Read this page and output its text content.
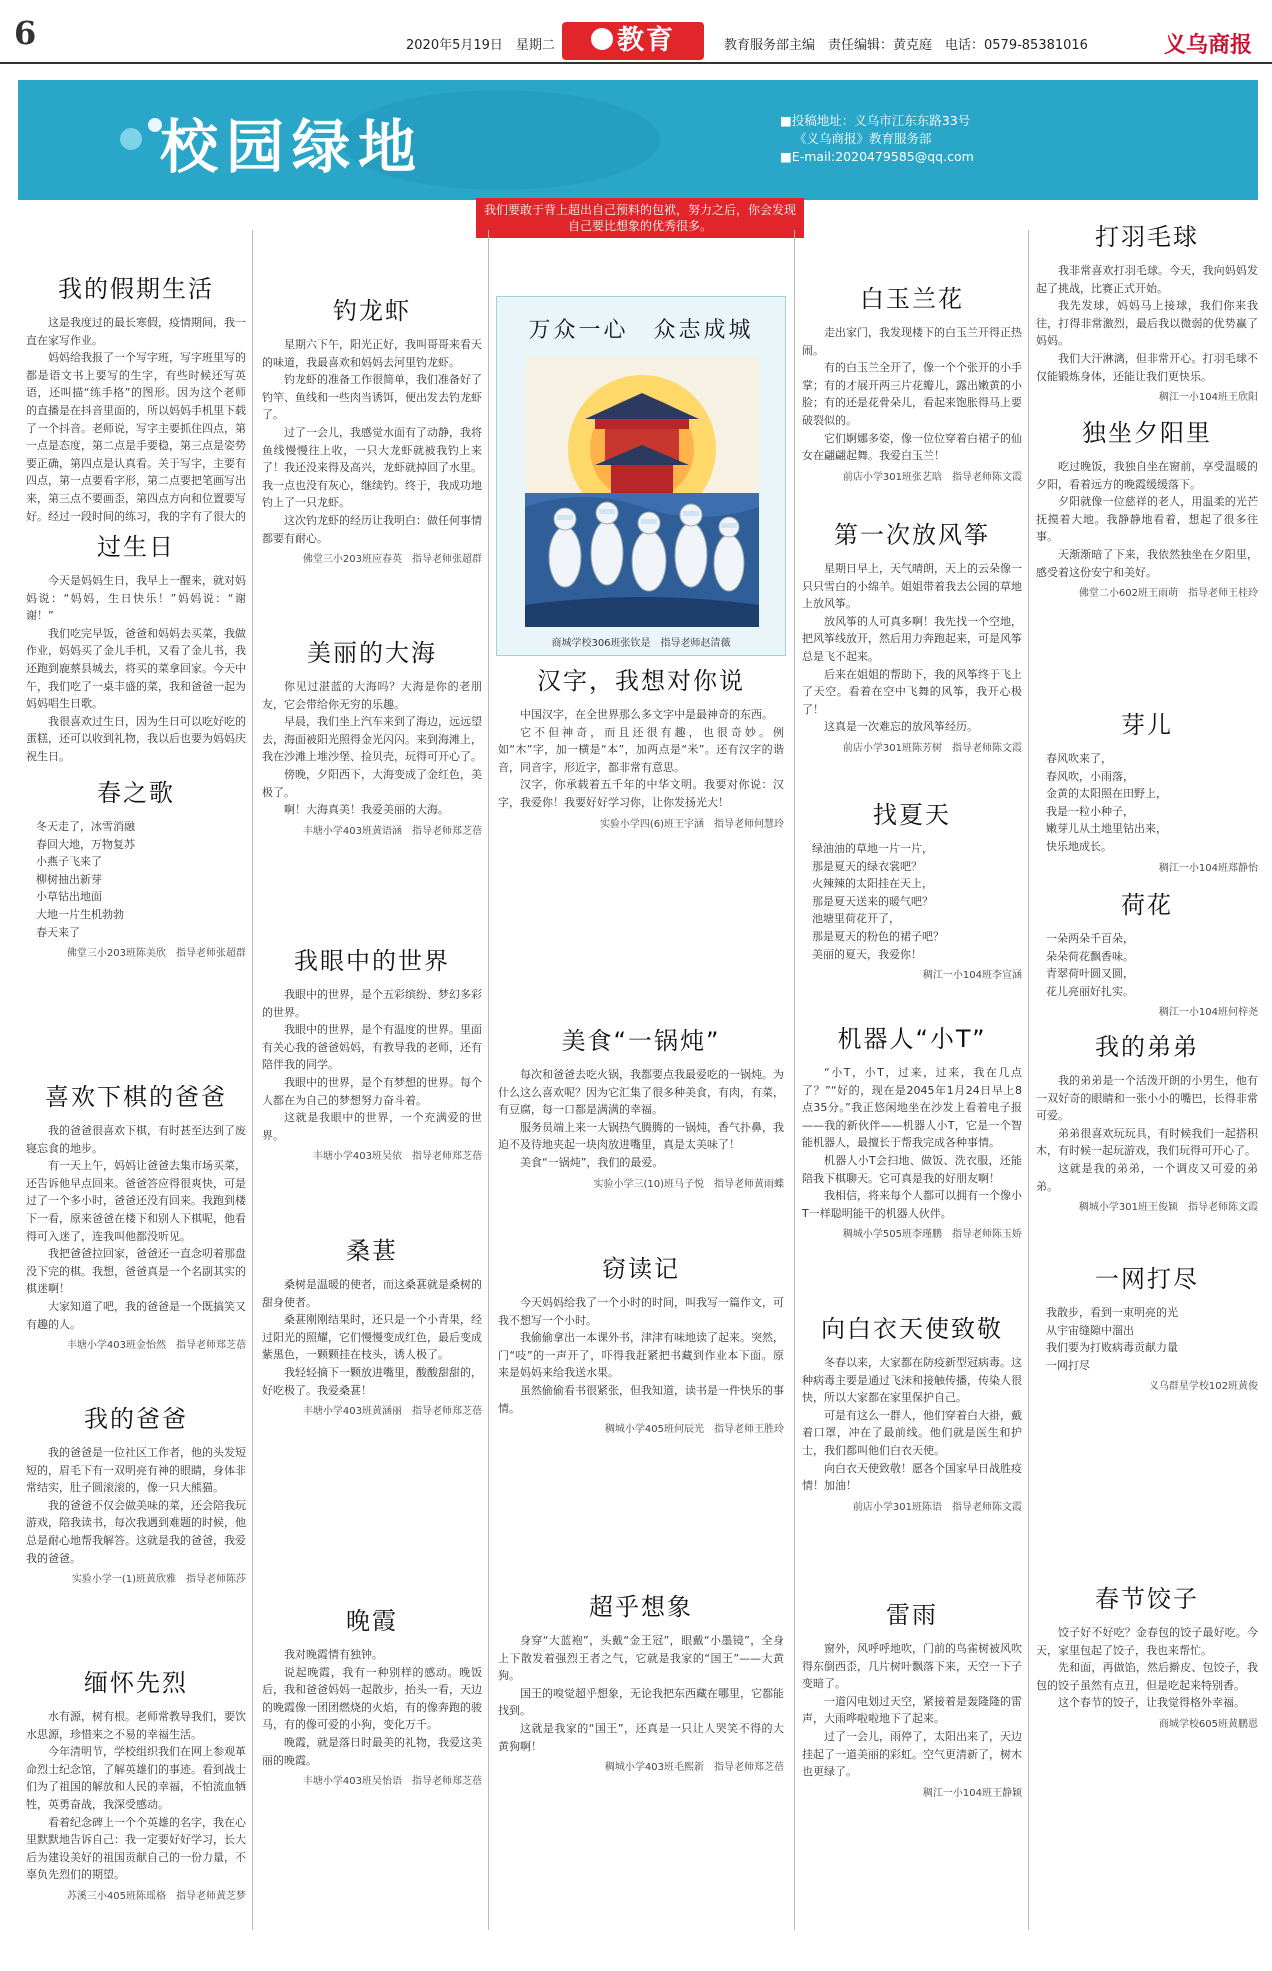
6	2020年5月19日　星期二	教育	教育服务部主编　责任编辑：黄克庭　电话：0579-85381016	义乌商报
校园绿地	■投稿地址：义乌市江东东路33号
《义乌商报》教育服务部
■E-mail:2020479585@qq.com
我们要敢于背上超出自己预料的包袱，努力之后，你会发现自己要比想象的优秀很多。
我的假期生活

这是我度过的最长寒假，疫情期间，我一直在家写作业。

妈妈给我报了一个写字班，写字班里写的都是语文书上要写的生字，有些时候还写英语，还叫描“练手格”的图形。因为这个老师的直播是在抖音里面的，所以妈妈手机里下载了一个抖音。老师说，写字主要抓住四点，第一点是态度，第二点是手要稳，第三点是姿势要正确，第四点是认真看。关于写字，主要有四点，第一点要看字形，第二点要把笔画写出来，第三点不要画歪，第四点方向和位置要写好。经过一段时间的练习，我的字有了很大的

过生日

今天是妈妈生日，我早上一醒来，就对妈妈说：“妈妈，生日快乐！”妈妈说：“谢谢！”

我们吃完早饭，爸爸和妈妈去买菜，我做作业，妈妈买了金儿手机，又看了金儿书，我还跑到鹿蔡县城去，将买的菜拿回家。今天中午，我们吃了一桌丰盛的菜，我和爸爸一起为妈妈唱生日歌。

我很喜欢过生日，因为生日可以吃好吃的蛋糕，还可以收到礼物，我以后也要为妈妈庆祝生日。

春之歌

冬天走了，冰雪消融

春回大地，万物复苏

小燕子飞来了

柳树抽出新芽

小草钻出地面

大地一片生机勃勃

春天来了

佛堂三小203班陈美欣　指导老师张超群

喜欢下棋的爸爸

我的爸爸很喜欢下棋，有时甚至达到了废寝忘食的地步。

有一天上午，妈妈让爸爸去集市场买菜，还告诉他早点回来。爸爸答应得很爽快，可是过了一个多小时，爸爸还没有回来。我跑到楼下一看，原来爸爸在楼下和别人下棋呢，他看得可入迷了，连我叫他都没听见。

我把爸爸拉回家，爸爸还一直念叨着那盘没下完的棋。我想，爸爸真是一个名副其实的棋迷啊！

大家知道了吧，我的爸爸是一个既搞笑又有趣的人。

丰塘小学403班金怡然　指导老师郑芝蓓

我的爸爸

我的爸爸是一位社区工作者，他的头发短短的，眉毛下有一双明亮有神的眼睛，身体非常结实，肚子圆滚滚的，像一只大熊猫。

我的爸爸不仅会做美味的菜，还会陪我玩游戏，陪我读书，每次我遇到难题的时候，他总是耐心地帮我解答。这就是我的爸爸，我爱我的爸爸。

实验小学一(1)班黄欣雅　指导老师陈莎

缅怀先烈

水有源，树有根。老师常教导我们，要饮水思源，珍惜来之不易的幸福生活。

今年清明节，学校组织我们在网上参观革命烈士纪念馆，了解英雄们的事迹。看到战士们为了祖国的解放和人民的幸福，不怕流血牺牲，英勇奋战，我深受感动。

看着纪念碑上一个个英雄的名字，我在心里默默地告诉自己：我一定要好好学习，长大后为建设美好的祖国贡献自己的一份力量，不辜负先烈们的期望。

苏溪三小405班陈瑶格　指导老师黄芝梦

钓龙虾

星期六下午，阳光正好，我叫哥哥来看天的味道，我最喜欢和妈妈去河里钓龙虾。

钓龙虾的准备工作很简单，我们准备好了钓竿、鱼线和一些肉当诱饵，便出发去钓龙虾了。

过了一会儿，我感觉水面有了动静，我将鱼线慢慢往上收，一只大龙虾就被我钓上来了！我还没来得及高兴，龙虾就掉回了水里。我一点也没有灰心，继续钓。终于，我成功地钓上了一只龙虾。

这次钓龙虾的经历让我明白：做任何事情都要有耐心。

佛堂三小203班应春英　指导老师张超群

美丽的大海

你见过湛蓝的大海吗？大海是你的老朋友，它会带给你无穷的乐趣。

早晨，我们坐上汽车来到了海边，远远望去，海面被阳光照得金光闪闪。来到海滩上，我在沙滩上堆沙堡、捡贝壳，玩得可开心了。

傍晚，夕阳西下，大海变成了金红色，美极了。

啊！大海真美！我爱美丽的大海。

丰塘小学403班黄语涵　指导老师郑芝蓓

我眼中的世界

我眼中的世界，是个五彩缤纷、梦幻多彩的世界。

我眼中的世界，是个有温度的世界。里面有关心我的爸爸妈妈，有教导我的老师，还有陪伴我的同学。

我眼中的世界，是个有梦想的世界。每个人都在为自己的梦想努力奋斗着。

这就是我眼中的世界，一个充满爱的世界。

丰塘小学403班吴依　指导老师郑芝蓓

桑葚

桑树是温暖的使者，而这桑葚就是桑树的甜身使者。

桑葚刚刚结果时，还只是一个小青果，经过阳光的照耀，它们慢慢变成红色，最后变成紫黑色，一颗颗挂在枝头，诱人极了。

我轻轻摘下一颗放进嘴里，酸酸甜甜的，好吃极了。我爱桑葚！

丰塘小学403班黄涵丽　指导老师郑芝蓓

晚霞

我对晚霞情有独钟。

说起晚霞，我有一种别样的感动。晚饭后，我和爸爸妈妈一起散步，抬头一看，天边的晚霞像一团团燃烧的火焰，有的像奔跑的骏马，有的像可爱的小狗，变化万千。

晚霞，就是落日时最美的礼物，我爱这美丽的晚霞。

丰塘小学403班吴怡语　指导老师郑芝蓓

万众一心　众志成城
商城学校306班张钦是　指导老师赵清薇
汉字，我想对你说

中国汉字，在全世界那么多文字中是最神奇的东西。

它不但神奇，而且还很有趣，也很奇妙。例如“木”字，加一横是“本”，加两点是“米”。还有汉字的谐音，同音字，形近字，都非常有意思。

汉字，你承载着五千年的中华文明。我要对你说：汉字，我爱你！我要好好学习你，让你发扬光大！

实验小学四(6)班王宇涵　指导老师何慧玲

美食“一锅炖”

每次和爸爸去吃火锅，我都要点我最爱吃的一锅炖。为什么这么喜欢呢？因为它汇集了很多种美食，有肉，有菜，有豆腐，每一口都是满满的幸福。

服务员端上来一大锅热气腾腾的一锅炖，香气扑鼻，我迫不及待地夹起一块肉放进嘴里，真是太美味了！

美食“一锅炖”，我们的最爱。

实验小学三(10)班马子悦　指导老师黄雨蝶

窃读记

今天妈妈给我了一个小时的时间，叫我写一篇作文，可我不想写一个小时。

我偷偷拿出一本课外书，津津有味地读了起来。突然，门“吱”的一声开了，吓得我赶紧把书藏到作业本下面。原来是妈妈来给我送水果。

虽然偷偷看书很紧张，但我知道，读书是一件快乐的事情。

稠城小学405班何辰光　指导老师王胜玲

超乎想象

身穿“大蓝袍”，头戴“金王冠”，眼戴“小墨镜”，全身上下散发着强烈王者之气，它就是我家的“国王”——大黄狗。

国王的嗅觉超乎想象，无论我把东西藏在哪里，它都能找到。

这就是我家的“国王”，还真是一只让人哭笑不得的大黄狗啊！

稠城小学403班毛熙新　指导老师郑芝蓓

白玉兰花

走出家门，我发现楼下的白玉兰开得正热闹。

有的白玉兰全开了，像一个个张开的小手掌；有的才展开两三片花瓣儿，露出嫩黄的小脸；有的还是花骨朵儿，看起来饱胀得马上要破裂似的。

它们婀娜多姿，像一位位穿着白裙子的仙女在翩翩起舞。我爱白玉兰！

前店小学301班张艺晗　指导老师陈文霞

第一次放风筝

星期日早上，天气晴朗，天上的云朵像一只只雪白的小绵羊。姐姐带着我去公园的草地上放风筝。

放风筝的人可真多啊！我先找一个空地，把风筝线放开，然后用力奔跑起来，可是风筝总是飞不起来。

后来在姐姐的帮助下，我的风筝终于飞上了天空。看着在空中飞舞的风筝，我开心极了！

这真是一次难忘的放风筝经历。

前店小学301班陈芳树　指导老师陈文霞

找夏天

绿油油的草地一片一片，

那是夏天的绿衣裳吧？

火辣辣的太阳挂在天上，

那是夏天送来的暖气吧？

池塘里荷花开了，

那是夏天的粉色的裙子吧？

美丽的夏天，我爱你！

稠江一小104班李宣涵

机器人“小T”

“小T，小T，过来，过来，我在几点了？”“好的，现在是2045年1月24日早上8点35分。”我正悠闲地坐在沙发上看着电子报——我的新伙伴——机器人小T，它是一个智能机器人，最擅长于帮我完成各种事情。

机器人小T会扫地、做饭、洗衣服，还能陪我下棋聊天。它可真是我的好朋友啊！

我相信，将来每个人都可以拥有一个像小T一样聪明能干的机器人伙伴。

稠城小学505班李瑾鹏　指导老师陈玉娇

向白衣天使致敬

冬春以来，大家都在防疫新型冠病毒。这种病毒主要是通过飞沫和接触传播，传染人很快，所以大家都在家里保护自己。

可是有这么一群人，他们穿着白大褂，戴着口罩，冲在了最前线。他们就是医生和护士，我们都叫他们白衣天使。

向白衣天使致敬！愿各个国家早日战胜疫情！加油！

前店小学301班陈语　指导老师陈文霞

雷雨

窗外，风呼呼地吹，门前的鸟雀树被风吹得东倒西歪，几片树叶飘落下来，天空一下子变暗了。

一道闪电划过天空，紧接着是轰隆隆的雷声，大雨哗啦啦地下了起来。

过了一会儿，雨停了，太阳出来了，天边挂起了一道美丽的彩虹。空气更清新了，树木也更绿了。

稠江一小104班王静颖

打羽毛球

我非常喜欢打羽毛球。今天，我向妈妈发起了挑战，比赛正式开始。

我先发球，妈妈马上接球，我们你来我往，打得非常激烈，最后我以微弱的优势赢了妈妈。

我们大汗淋漓，但非常开心。打羽毛球不仅能锻炼身体，还能让我们更快乐。

稠江一小104班王欣阳

独坐夕阳里

吃过晚饭，我独自坐在窗前，享受温暖的夕阳，看着远方的晚霞缓缓落下。

夕阳就像一位慈祥的老人，用温柔的光芒抚摸着大地。我静静地看着，想起了很多往事。

天渐渐暗了下来，我依然独坐在夕阳里，感受着这份安宁和美好。

佛堂二小602班王雨萌　指导老师王桂玲

芽儿

春风吹来了，

春风吹，小雨落，

金黄的太阳照在田野上，

我是一粒小种子，

嫩芽儿从土地里钻出来，

快乐地成长。

稠江一小104班郑静怡

荷花

一朵两朵千百朵，

朵朵荷花飘香味。

青翠荷叶圆又圆，

花儿亮丽好扎实。

稠江一小104班何梓尧

我的弟弟

我的弟弟是一个活泼开朗的小男生，他有一双好奇的眼睛和一张小小的嘴巴，长得非常可爱。

弟弟很喜欢玩玩具，有时候我们一起搭积木，有时候一起玩游戏，我们玩得可开心了。

这就是我的弟弟，一个调皮又可爱的弟弟。

稠城小学301班王俊颖　指导老师陈文霞

一网打尽

我散步，看到一束明亮的光

从宇宙缝隙中溜出

我们要为打败病毒贡献力量

一网打尽

义乌群星学校102班黄俊

春节饺子

饺子好不好吃？金春包的饺子最好吃。今天，家里包起了饺子，我也来帮忙。

先和面，再做馅，然后擀皮、包饺子，我包的饺子虽然有点丑，但是吃起来特别香。

这个春节的饺子，让我觉得格外幸福。

商城学校605班黄鹏恩
